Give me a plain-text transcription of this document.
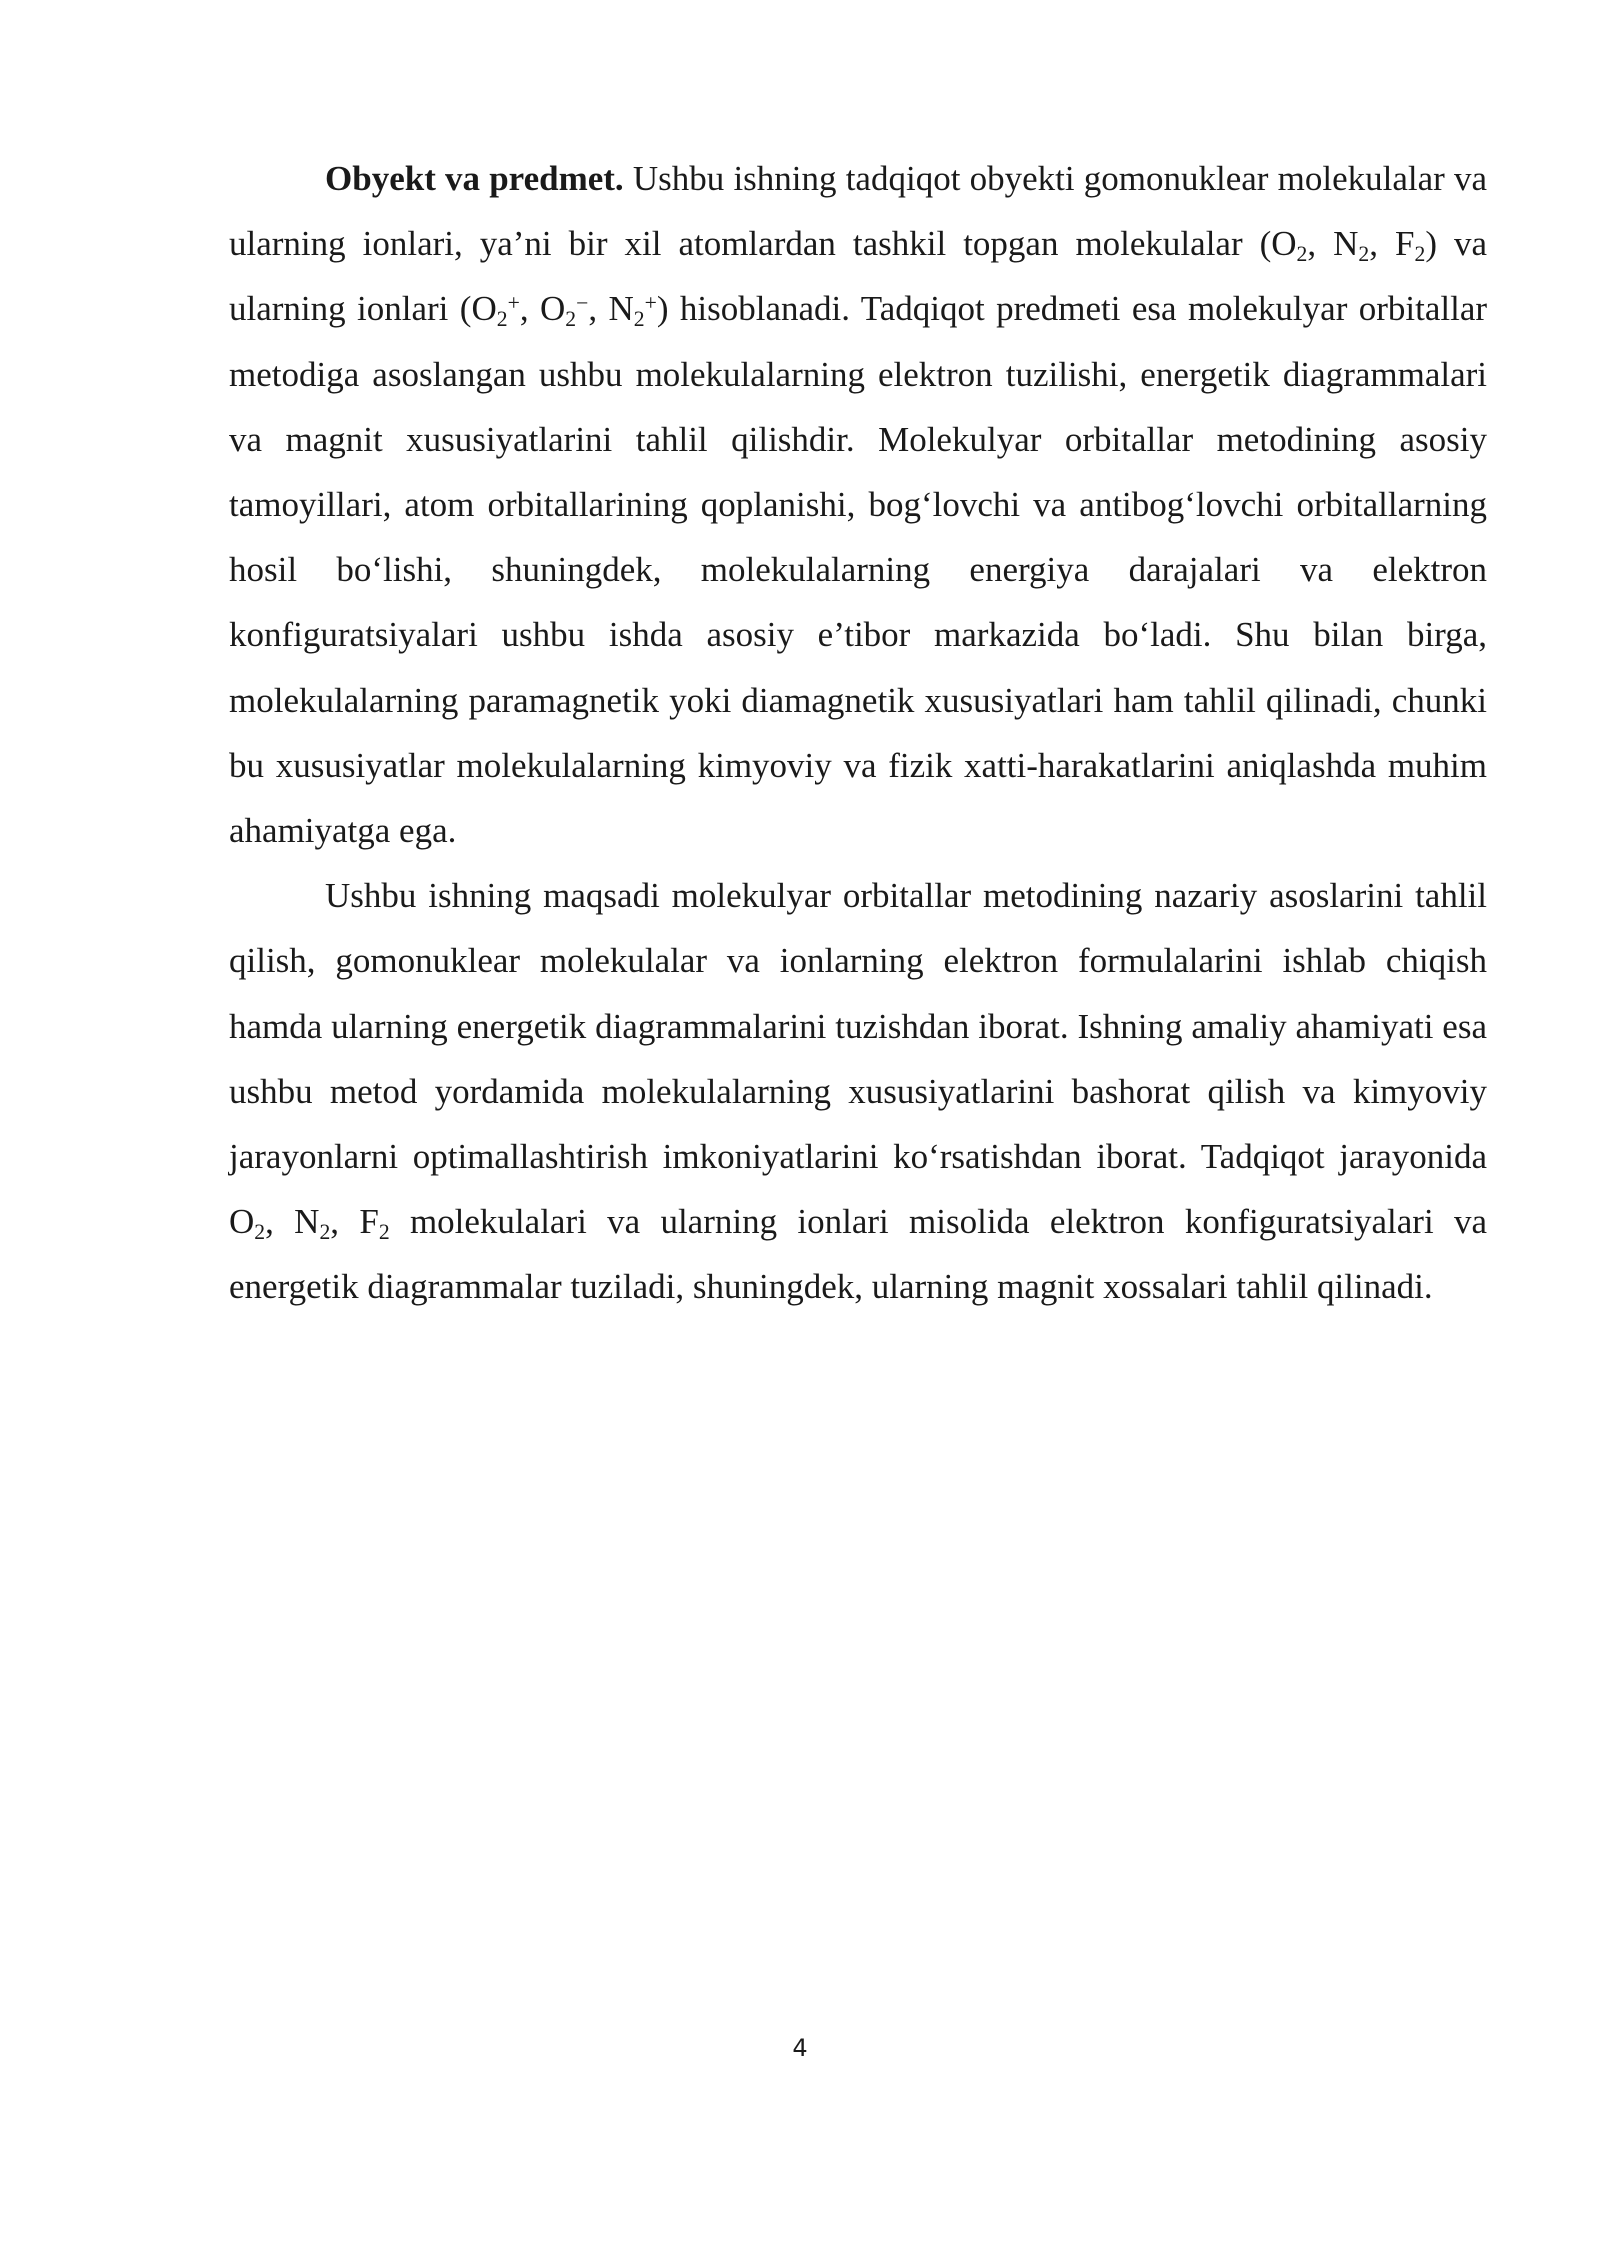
Obyekt va predmet. Ushbu ishning tadqiqot obyekti gomonuklear molekulalar va ularning ionlari, ya’ni bir xil atomlardan tashkil topgan molekulalar ($O_2$, $N_2$, $F_2$) va ularning ionlari ($O_2^+$, $O_2^-$, $N_2^+$) hisoblanadi. Tadqiqot predmeti esa molekulyar orbitallar metodiga asoslangan ushbu molekulalarning elektron tuzilishi, energetik diagrammalari va magnit xususiyatlarini tahlil qilishdir. Molekulyar orbitallar metodining asosiy tamoyillari, atom orbitallarining qoplanishi, bog‘lovchi va antibog‘lovchi orbitallarning hosil bo‘lishi, shuningdek, molekulalarning energiya darajalari va elektron konfiguratsiyalari ushbu ishda asosiy e’tibor markazida bo‘ladi. Shu bilan birga, molekulalarning paramagnetik yoki diamagnetik xususiyatlari ham tahlil qilinadi, chunki bu xususiyatlar molekulalarning kimyoviy va fizik xatti-harakatlarini aniqlashda muhim ahamiyatga ega.

Ushbu ishning maqsadi molekulyar orbitallar metodining nazariy asoslarini tahlil qilish, gomonuklear molekulalar va ionlarning elektron formulalarini ishlab chiqish hamda ularning energetik diagrammalarini tuzishdan iborat. Ishning amaliy ahamiyati esa ushbu metod yordamida molekulalarning xususiyatlarini bashorat qilish va kimyoviy jarayonlarni optimallashtirish imkoniyatlarini ko‘rsatishdan iborat. Tadqiqot jarayonida $O_2$, $N_2$, $F_2$ molekulalari va ularning ionlari misolida elektron konfiguratsiyalari va energetik diagrammalar tuziladi, shuningdek, ularning magnit xossalari tahlil qilinadi.

4
